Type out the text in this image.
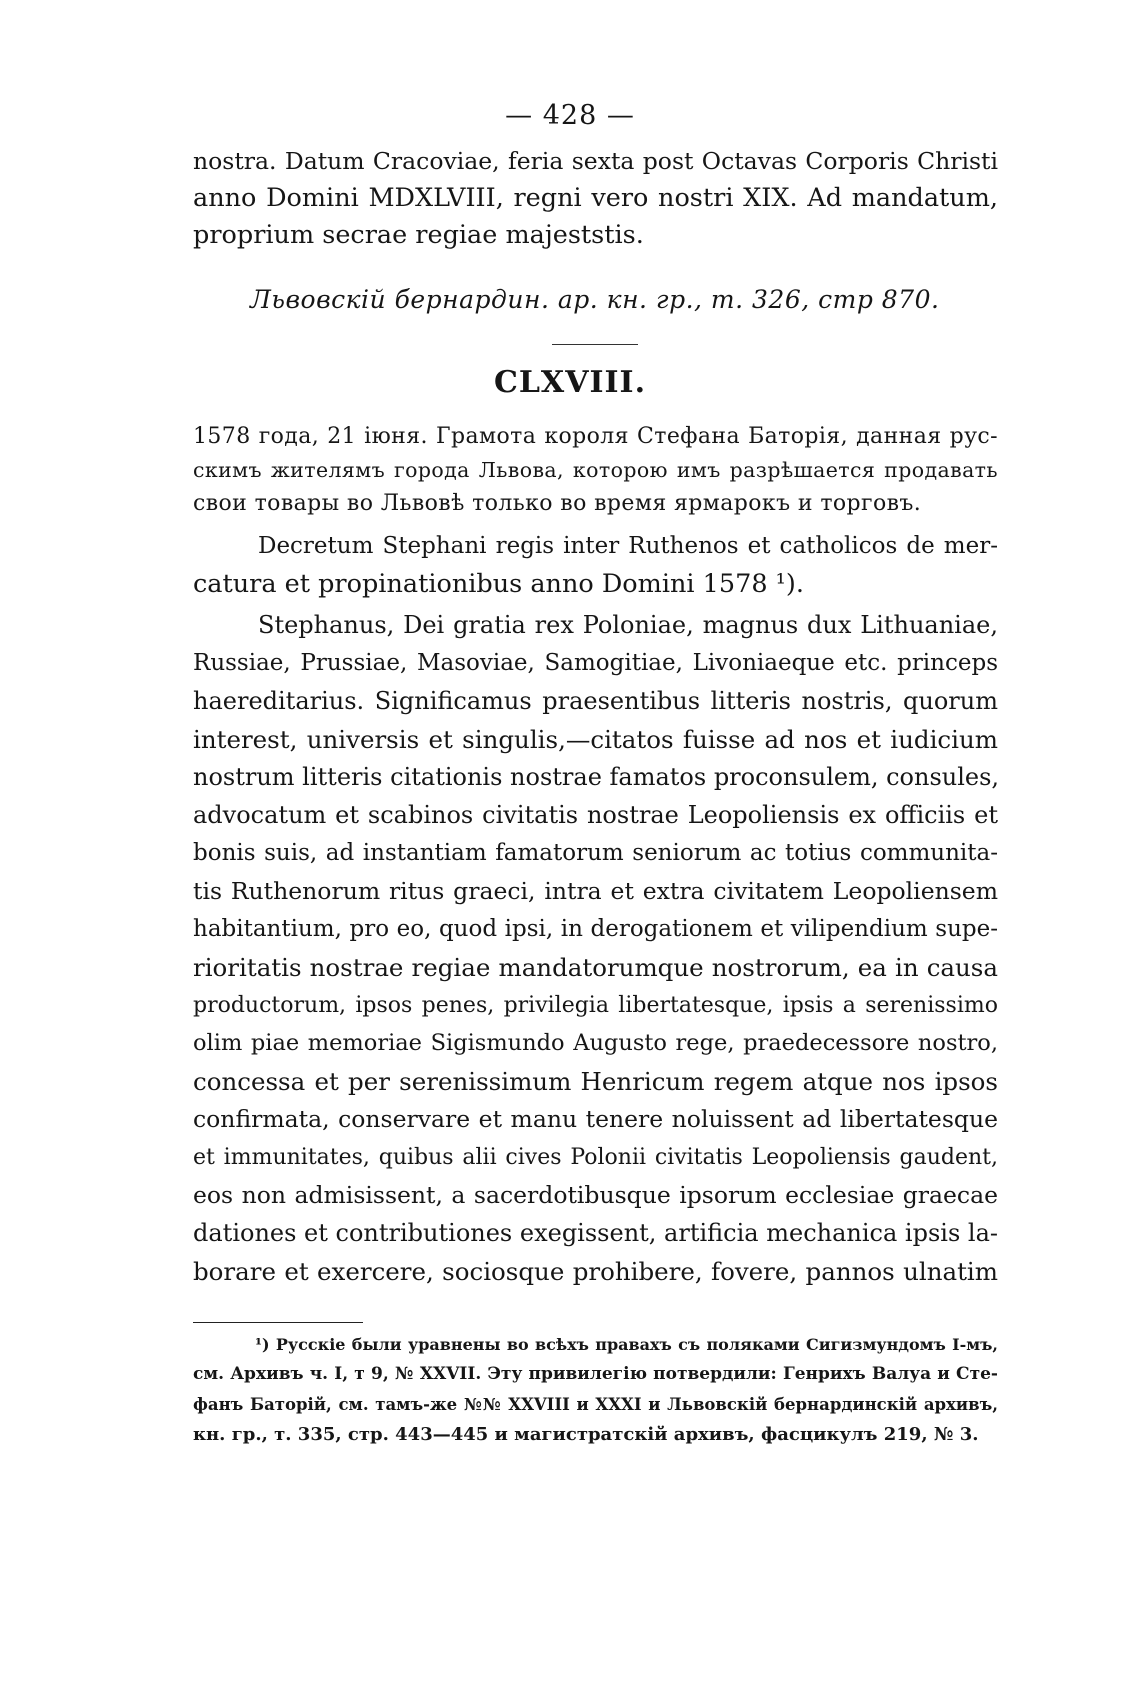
— 428 —
nostra. Datum Cracoviae, feria sexta post Octavas Corporis Christi
anno Domini MDXLVIII, regni vero nostri XIX. Ad mandatum,
proprium secrae regiae majeststis.
Львовскій бернардин. ар. кн. гр., т. 326, стр 870.
CLXVIII.
1578 года, 21 іюня. Грамота короля Стефана Баторія, данная рус-
скимъ жителямъ города Львова, которою имъ разрѣшается продавать
свои товары во Львовѣ только во время ярмарокъ и торговъ.
Decretum Stephani regis inter Ruthenos et catholicos de mer-
catura et propinationibus anno Domini 1578 ¹).
Stephanus, Dei gratia rex Poloniae, magnus dux Lithuaniae,
Russiae, Prussiae, Masoviae, Samogitiae, Livoniaeque etc. princeps
haereditarius. Significamus praesentibus litteris nostris, quorum
interest, universis et singulis,—citatos fuisse ad nos et iudicium
nostrum litteris citationis nostrae famatos proconsulem, consules,
advocatum et scabinos civitatis nostrae Leopoliensis ex officiis et
bonis suis, ad instantiam famatorum seniorum ac totius communita-
tis Ruthenorum ritus graeci, intra et extra civitatem Leopoliensem
habitantium, pro eo, quod ipsi, in derogationem et vilipendium supe-
rioritatis nostrae regiae mandatorumque nostrorum, ea in causa
productorum, ipsos penes, privilegia libertatesque, ipsis a serenissimo
olim piae memoriae Sigismundo Augusto rege, praedecessore nostro,
concessa et per serenissimum Henricum regem atque nos ipsos
confirmata, conservare et manu tenere noluissent ad libertatesque
et immunitates, quibus alii cives Polonii civitatis Leopoliensis gaudent,
eos non admisissent, a sacerdotibusque ipsorum ecclesiae graecae
dationes et contributiones exegissent, artificia mechanica ipsis la-
borare et exercere, sociosque prohibere, fovere, pannos ulnatim
¹) Русскіе были уравнены во всѣхъ правахъ съ поляками Сигизмундомъ I-мъ,
см. Архивъ ч. I, т 9, № XXVII. Эту привилегію потвердили: Генрихъ Валуа и Сте-
фанъ Баторій, см. тамъ-же №№ XXVIII и XXXI и Львовскій бернардинскій архивъ,
кн. гр., т. 335, стр. 443—445 и магистратскій архивъ, фасцикулъ 219, № 3.
